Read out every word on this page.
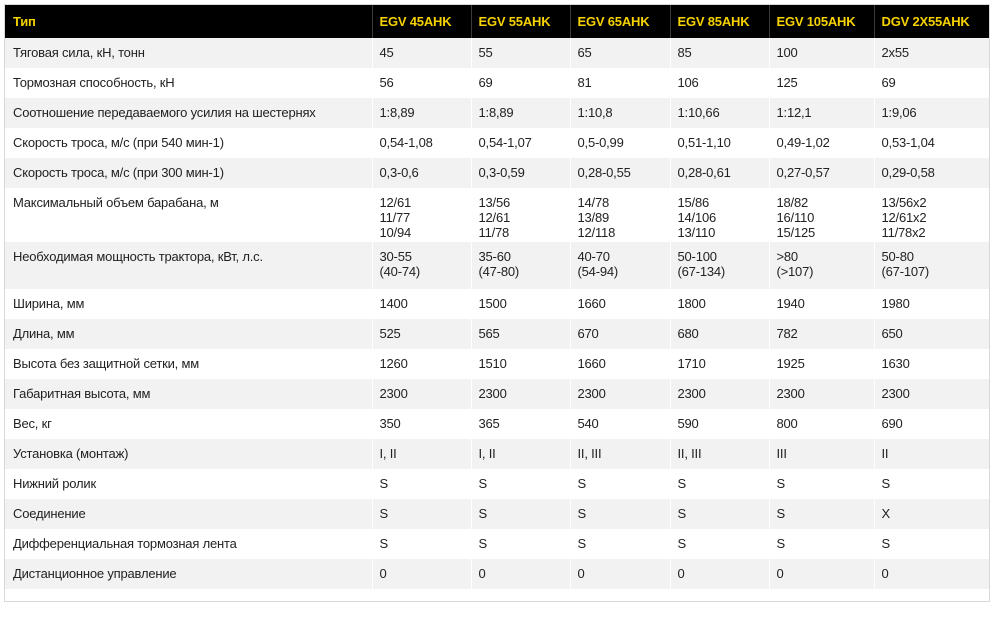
Тип	EGV 45AHK	EGV 55AHK	EGV 65AHK	EGV 85AHK	EGV 105AHK	DGV 2X55AHK
Тяговая сила, кН, тонн	45	55	65	85	100	2x55
Тормозная способность, кН	56	69	81	106	125	69
Соотношение передаваемого усилия на шестернях	1:8,89	1:8,89	1:10,8	1:10,66	1:12,1	1:9,06
Скорость троса, м/с (при 540 мин-1)	0,54-1,08	0,54-1,07	0,5-0,99	0,51-1,10	0,49-1,02	0,53-1,04
Скорость троса, м/с (при 300 мин-1)	0,3-0,6	0,3-0,59	0,28-0,55	0,28-0,61	0,27-0,57	0,29-0,58
Максимальный объем барабана, м	12/61
11/77
10/94	13/56
12/61
11/78	14/78
13/89
12/118	15/86
14/106
13/110	18/82
16/110
15/125	13/56x2
12/61x2
11/78x2
Необходимая мощность трактора, кВт, л.с.	30-55
(40-74)	35-60
(47-80)	40-70
(54-94)	50-100
(67-134)	>80
(>107)	50-80
(67-107)
Ширина, мм	1400	1500	1660	1800	1940	1980
Длина, мм	525	565	670	680	782	650
Высота без защитной сетки, мм	1260	1510	1660	1710	1925	1630
Габаритная высота, мм	2300	2300	2300	2300	2300	2300
Вес, кг	350	365	540	590	800	690
Установка (монтаж)	I, II	I, II	II, III	II, III	III	II
Нижний ролик	S	S	S	S	S	S
Соединение	S	S	S	S	S	X
Дифференциальная тормозная лента	S	S	S	S	S	S
Дистанционное управление	0	0	0	0	0	0
